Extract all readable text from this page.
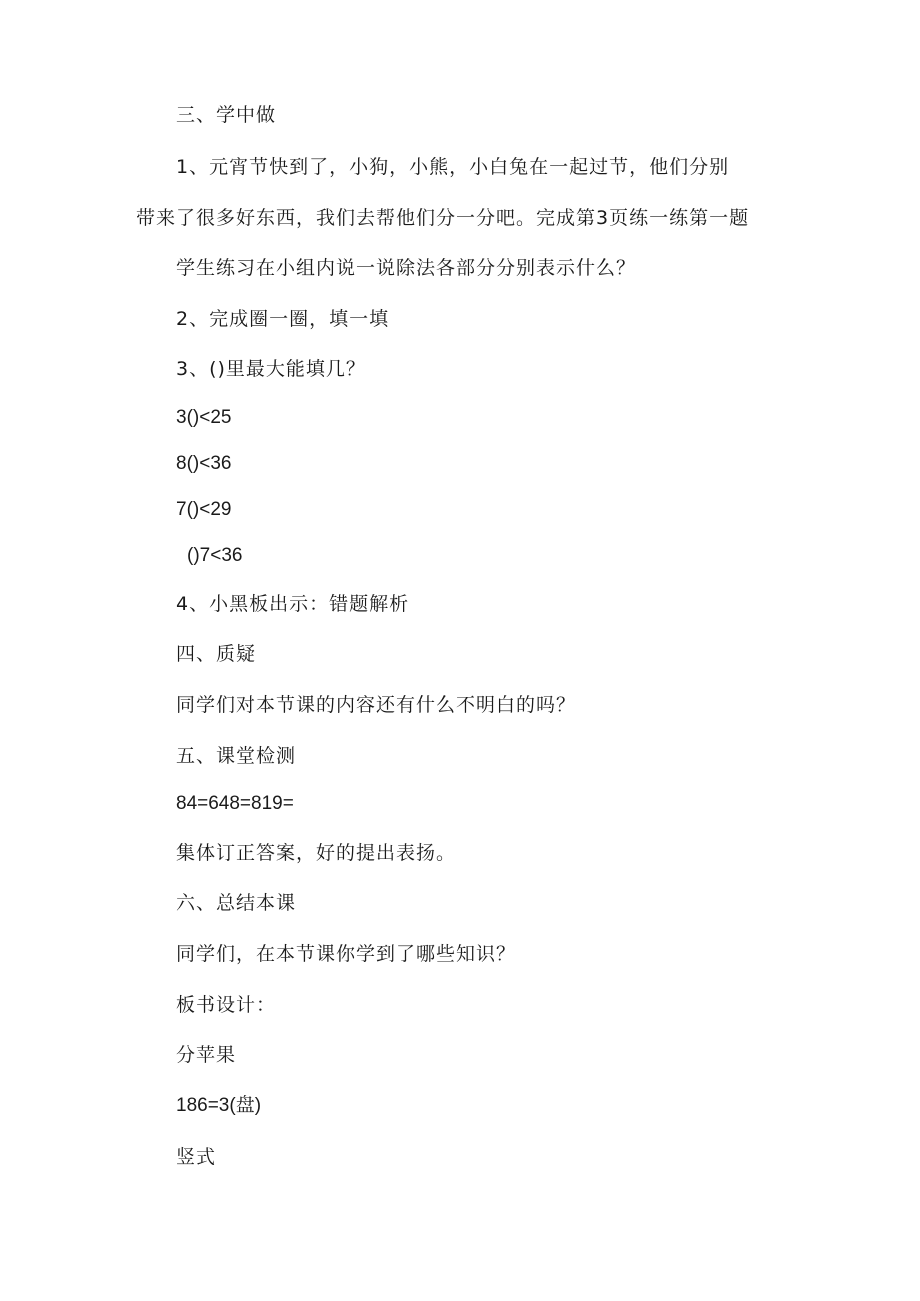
三、学中做
1、元宵节快到了，小狗，小熊，小白兔在一起过节，他们分别
带来了很多好东西，我们去帮他们分一分吧。完成第3页练一练第一题
学生练习在小组内说一说除法各部分分别表示什么？
2、完成圈一圈，填一填
3、()里最大能填几？
3()<25
8()<36
7()<29
()7<36
4、小黑板出示：错题解析
四、质疑
同学们对本节课的内容还有什么不明白的吗？
五、课堂检测
84=648=819=
集体订正答案，好的提出表扬。
六、总结本课
同学们，在本节课你学到了哪些知识？
板书设计：
分苹果
186=3(盘)
竖式
